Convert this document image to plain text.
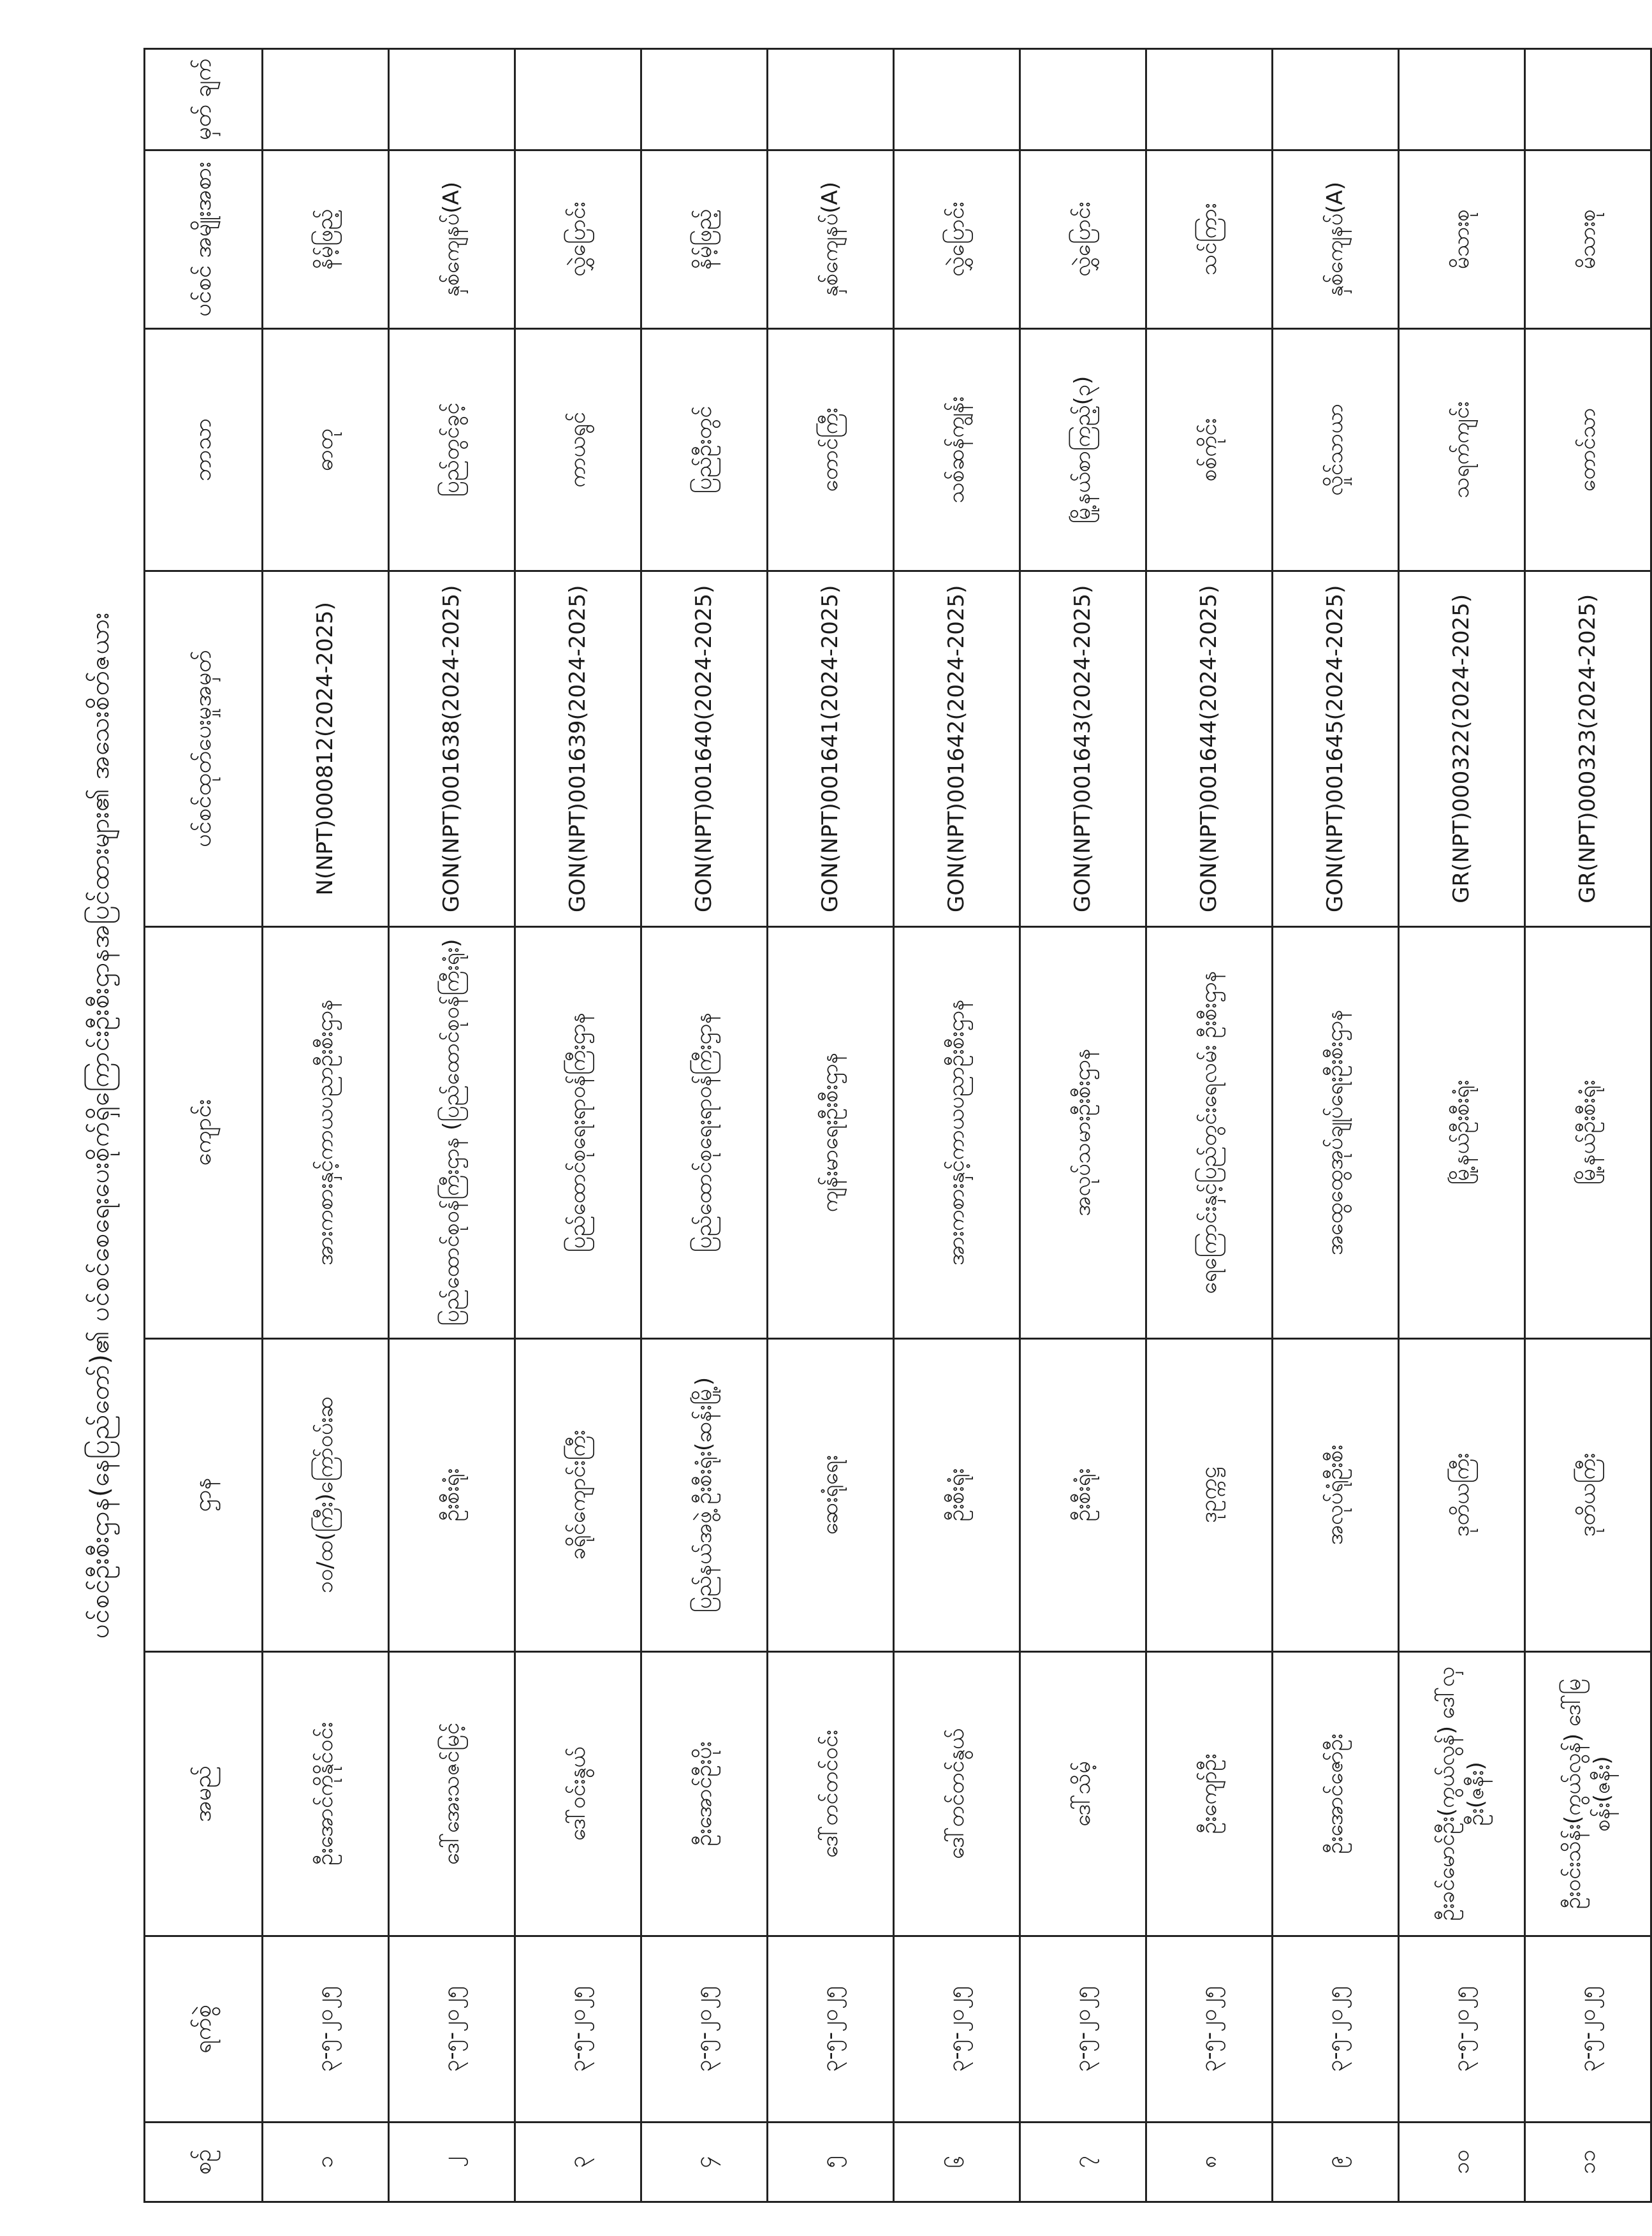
ပင်စင်ဦးစီးဌာန(နေပြည်တော်)၏ ပင်စင်စေရေးပေးစိုက်ရှိကြောင်းဦးစီးဌာနအပြင်ထားများ၏ အသေးစိတ်ဇယား
စဉ်	ရက်စွဲ	အမည်	ဌာန	ကျောင်း	ပင်စင်ထုတ်ပေးမှုအမှတ်	ဘာသာ	ပင်စင် အမျိုးအစား	မှတ် ချက်
၁	၃-၅-၂၀၂၅	ဦးအောင်ကိုနိုင်ဝင်း	၁၀/ထ(ကြီး)ကြော်ဝပ်းဆ	အားကစားနှင့်ကာယပညာဦးစီးဌာန	N(NPT)000812(2024-2025)	ဓာတု	နိမ့်ဖြည့်	
၂	၃-၅-၂၀၂၅	ဒေါ်အေးသဇင်မြင့်	ဦးစီးရုံး	ပြည်ထောင်စုဝန်ကြီးဌာန (ပြည်ထောင်စုဝန်ကြီးရုံး)	GON(NPT)001638(2024-2025)	ပြည်တွင်ခွင့်	နှစ်ကျေနပ်(A)	
၃	၃-၅-၂၀၂၅	ဒေါ်ဝင်းနွယ်	ခရိုင်ကျောင်းကြီး	ပြည်ထောင်စုရေးရာဝန်ကြီးဌာန	GON(NPT)001639(2024-2025)	ကာယရွင်	လွှဲပြောင်း	
၄	၃-၅-၂၀၂၅	ဦးအောင်ဦးပိုး	ပြည်နယ်အဖွဲ့ ဦးစီးရုံး(ဆန်းမြို့)	ပြည်ထောင်စုရေးရာဝန်ကြီးဌာန	GON(NPT)001640(2024-2025)	ပြည်ဦးတွင်	နိမ့်ဖြည့်	
၅	၃-၅-၂၀၂၅	ဒေါ်တင်တင်ဝင်း	ဆေးရုံရေး	ကျန်းမာရေးဦးစီးဌာန	GON(NPT)001641(2024-2025)	တောင်ကြီး	နှစ်ကျေနပ်(A)	
၆	၃-၅-၂၀၂၅	ဒေါ်တင်တင်နွယ်	ဦးစီးရုံး	အားကစားနှင့်ကာယပညာဦးစီးဌာန	GON(NPT)001642(2024-2025)	သစ်ဆန်ကျွန်း	လွှဲပြောင်း	
၇	၃-၅-၂၀၂၅	ဒေါ်သိမ့်	ဦးစီးရုံး	အလုပ်သမားဦးစီးဌာန	GON(NPT)001643(2024-2025)	မြို့နယ်စာကြည့်(၃)	လွှဲပြောင်း	
၈	၃-၅-၂၀၂၅	ဦးကျော်ဦး	ဒုဥက္ကဋ္ဌ	ရေကြောင်းနှင့်ပြည်တွင်းရေလမ်း ဦးစီးဌာန	GON(NPT)001644(2024-2025)	စစ်ကိုင်း	သင်ကြား	
၉	၃-၅-၂၀၂၅	ဦးအောင်ဇော်ဦး	အလုပ်ရုံဦးစီး	အထွေထွေအုပ်ချုပ်ရေးဦးစီးဌာန	GON(NPT)001645(2024-2025)	လှိုင်သာယာ	နှစ်ကျေနပ်(A)	
၁၀	၃-၅-၂၀၂၅	ဦးခင်မောင်ဦး(ကွယ်လွန်) ဒေါ်လှဦး(ဇနီး)	ဒုတိယကြီး	မြို့နယ်ဦးစီးရုံး	GR(NPT)000322(2024-2025)	သရက်ကျင်း	မိသားစု	
၁၁	၃-၅-၂၀၂၅	ဦးဝင်းသိန်း(ကွယ်လွန်) ဒေါ်မြစန်း(ဇနီး)	ဒုတိယကြီး	မြို့နယ်ဦးစီးရုံး	GR(NPT)000323(2024-2025)	တောင်သာ	မိသားစု	
